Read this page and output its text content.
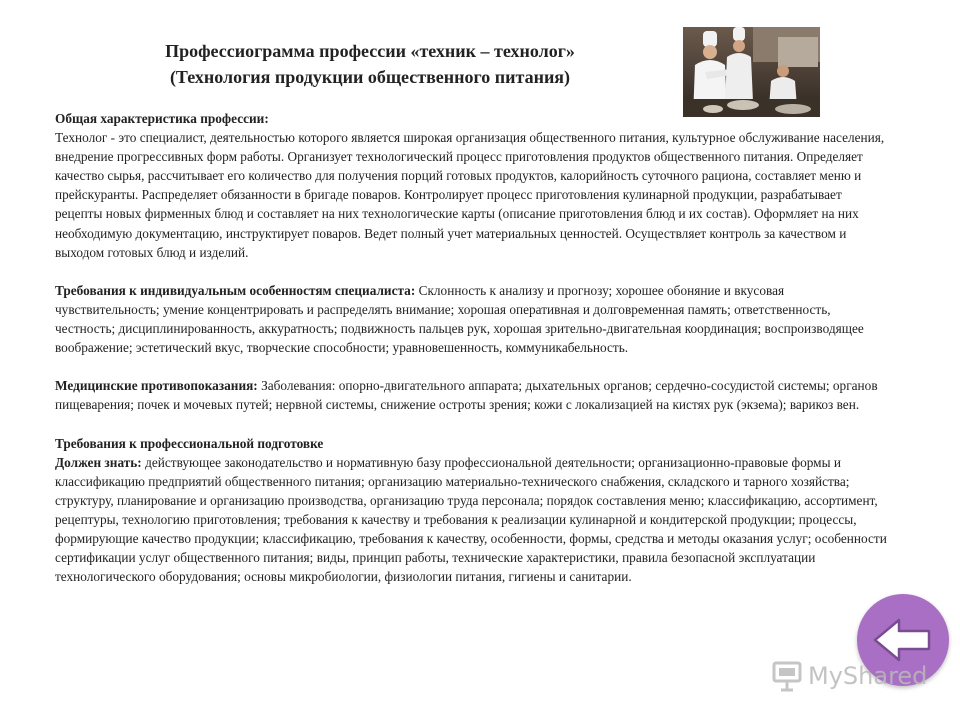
Профессиограмма профессии «техник – технолог»
(Технология продукции общественного питания)

Общая характеристика профессии:
Технолог - это специалист, деятельностью которого является широкая организация общественного питания, культурное обслуживание населения, внедрение прогрессивных форм работы. Организует технологический процесс приготовления продуктов общественного питания. Определяет качество сырья, рассчитывает его количество для получения порций готовых продуктов, калорийность суточного рациона, составляет меню и прейскуранты. Распределяет обязанности в бригаде поваров. Контролирует процесс приготовления кулинарной продукции, разрабатывает рецепты новых фирменных блюд и составляет на них технологические карты (описание приготовления блюд и их состав). Оформляет на них необходимую документацию, инструктирует поваров. Ведет полный учет материальных ценностей. Осуществляет контроль за качеством и выходом готовых блюд и изделий.

Требования к индивидуальным особенностям специалиста: Склонность к анализу и прогнозу; хорошее обоняние и вкусовая чувствительность; умение концентрировать и распределять внимание; хорошая оперативная и долговременная память; ответственность, честность; дисциплинированность, аккуратность; подвижность пальцев рук, хорошая зрительно-двигательная координация; воспроизводящее воображение; эстетический вкус, творческие способности; уравновешенность, коммуникабельность.

Медицинские противопоказания: Заболевания: опорно-двигательного аппарата; дыхательных органов; сердечно-сосудистой системы; органов пищеварения; почек и мочевых путей; нервной системы, снижение остроты зрения; кожи с локализацией на кистях рук (экзема); варикоз вен.

Требования к профессиональной подготовке
Должен знать: действующее законодательство и нормативную базу профессиональной деятельности; организационно-правовые формы и классификацию предприятий общественного питания; организацию материально-технического снабжения, складского и тарного хозяйства; структуру, планирование и организацию производства, организацию труда персонала; порядок составления меню; классификацию, ассортимент, рецептуры, технологию приготовления; требования к качеству и требования к реализации кулинарной и кондитерской продукции; процессы, формирующие качество продукции; классификацию, требования к качеству, особенности, формы, средства и методы оказания услуг; особенности сертификации услуг общественного питания; виды, принцип работы, технические характеристики, правила безопасной эксплуатации технологического оборудования; основы микробиологии, физиологии питания, гигиены и санитарии.

MyShared
